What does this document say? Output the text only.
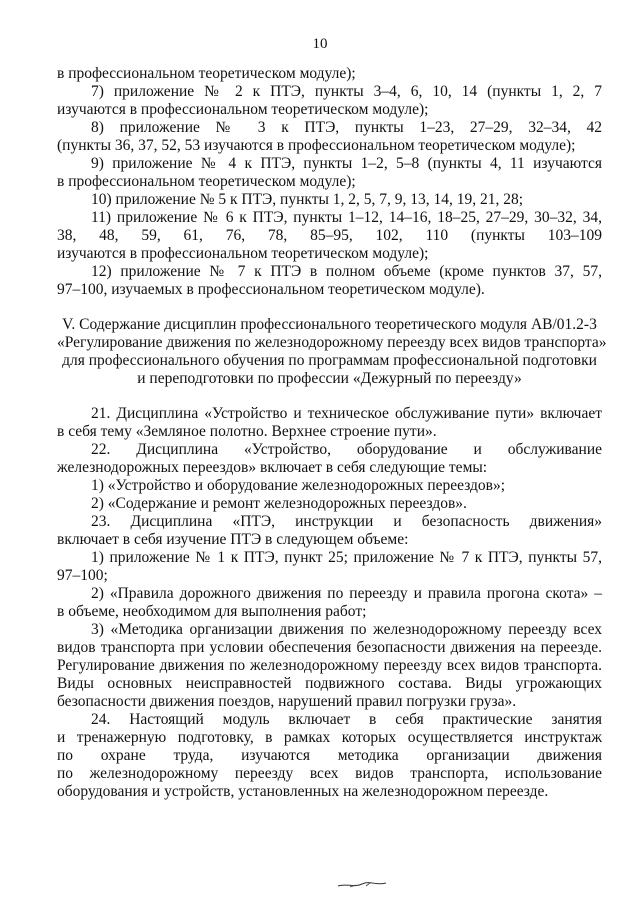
10
в профессиональном теоретическом модуле);
7) приложение № 2 к ПТЭ, пункты 3–4, 6, 10, 14 (пункты 1, 2, 7
изучаются в профессиональном теоретическом модуле);
8) приложение № 3 к ПТЭ, пункты 1–23, 27–29, 32–34, 42
(пункты 36, 37, 52, 53 изучаются в профессиональном теоретическом модуле);
9) приложение № 4 к ПТЭ, пункты 1–2, 5–8 (пункты 4, 11 изучаются
в профессиональном теоретическом модуле);
10) приложение № 5 к ПТЭ, пункты 1, 2, 5, 7, 9, 13, 14, 19, 21, 28;
11) приложение № 6 к ПТЭ, пункты 1–12, 14–16, 18–25, 27–29, 30–32, 34,
38, 48, 59, 61, 76, 78, 85–95, 102, 110 (пункты 103–109
изучаются в профессиональном теоретическом модуле);
12) приложение № 7 к ПТЭ в полном объеме (кроме пунктов 37, 57,
97–100, изучаемых в профессиональном теоретическом модуле).
V. Содержание дисциплин профессионального теоретического модуля АВ/01.2-3
«Регулирование движения по железнодорожному переезду всех видов транспорта»
для профессионального обучения по программам профессиональной подготовки
и переподготовки по профессии «Дежурный по переезду»
21. Дисциплина «Устройство и техническое обслуживание пути» включает
в себя тему «Земляное полотно. Верхнее строение пути».
22. Дисциплина «Устройство, оборудование и обслуживание
железнодорожных переездов» включает в себя следующие темы:
1) «Устройство и оборудование железнодорожных переездов»;
2) «Содержание и ремонт железнодорожных переездов».
23. Дисциплина «ПТЭ, инструкции и безопасность движения»
включает в себя изучение ПТЭ в следующем объеме:
1) приложение № 1 к ПТЭ, пункт 25; приложение № 7 к ПТЭ, пункты 57,
97–100;
2) «Правила дорожного движения по переезду и правила прогона скота» –
в объеме, необходимом для выполнения работ;
3) «Методика организации движения по железнодорожному переезду всех
видов транспорта при условии обеспечения безопасности движения на переезде.
Регулирование движения по железнодорожному переезду всех видов транспорта.
Виды основных неисправностей подвижного состава. Виды угрожающих
безопасности движения поездов, нарушений правил погрузки груза».
24. Настоящий модуль включает в себя практические занятия
и тренажерную подготовку, в рамках которых осуществляется инструктаж
по охране труда, изучаются методика организации движения
по железнодорожному переезду всех видов транспорта, использование
оборудования и устройств, установленных на железнодорожном переезде.
